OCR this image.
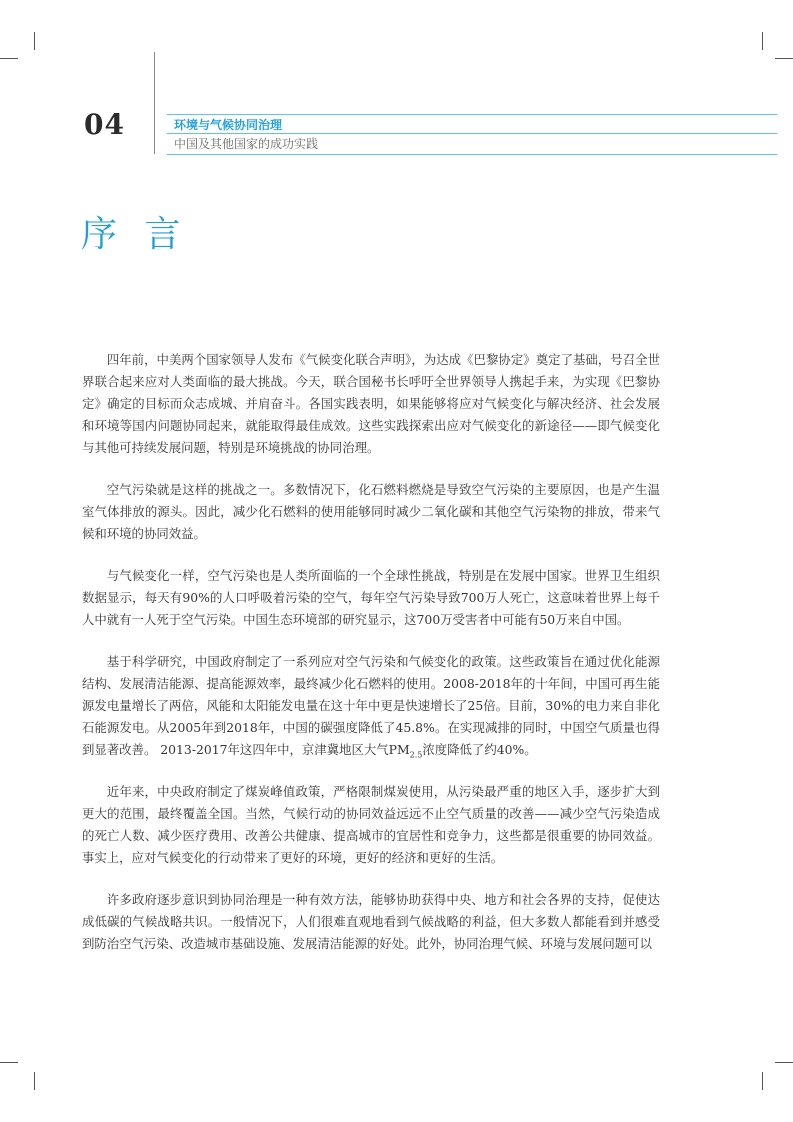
04	环境与气候协同治理
中国及其他国家的成功实践
序 言

四年前，中美两个国家领导人发布《气候变化联合声明》，为达成《巴黎协定》奠定了基础，号召全世界联合起来应对人类面临的最大挑战。今天，联合国秘书长呼吁全世界领导人携起手来，为实现《巴黎协定》确定的目标而众志成城、并肩奋斗。各国实践表明，如果能够将应对气候变化与解决经济、社会发展和环境等国内问题协同起来，就能取得最佳成效。这些实践探索出应对气候变化的新途径——即气候变化与其他可持续发展问题，特别是环境挑战的协同治理。

空气污染就是这样的挑战之一。多数情况下，化石燃料燃烧是导致空气污染的主要原因，也是产生温室气体排放的源头。因此，减少化石燃料的使用能够同时减少二氧化碳和其他空气污染物的排放，带来气候和环境的协同效益。

与气候变化一样，空气污染也是人类所面临的一个全球性挑战，特别是在发展中国家。世界卫生组织数据显示，每天有90%的人口呼吸着污染的空气，每年空气污染导致700万人死亡，这意味着世界上每千人中就有一人死于空气污染。中国生态环境部的研究显示，这700万受害者中可能有50万来自中国。

基于科学研究，中国政府制定了一系列应对空气污染和气候变化的政策。这些政策旨在通过优化能源结构、发展清洁能源、提高能源效率，最终减少化石燃料的使用。2008-2018年的十年间，中国可再生能源发电量增长了两倍，风能和太阳能发电量在这十年中更是快速增长了25倍。目前，30%的电力来自非化石能源发电。从2005年到2018年，中国的碳强度降低了45.8%。在实现减排的同时，中国空气质量也得到显著改善。 2013-2017年这四年中，京津冀地区大气$PM_{2.5}$浓度降低了约40%。

近年来，中央政府制定了煤炭峰值政策，严格限制煤炭使用，从污染最严重的地区入手，逐步扩大到更大的范围，最终覆盖全国。当然，气候行动的协同效益远远不止空气质量的改善——减少空气污染造成的死亡人数、减少医疗费用、改善公共健康、提高城市的宜居性和竞争力，这些都是很重要的协同效益。事实上，应对气候变化的行动带来了更好的环境，更好的经济和更好的生活。

许多政府逐步意识到协同治理是一种有效方法，能够协助获得中央、地方和社会各界的支持，促使达成低碳的气候战略共识。一般情况下，人们很难直观地看到气候战略的利益，但大多数人都能看到并感受到防治空气污染、改造城市基础设施、发展清洁能源的好处。此外，协同治理气候、环境与发展问题可以
